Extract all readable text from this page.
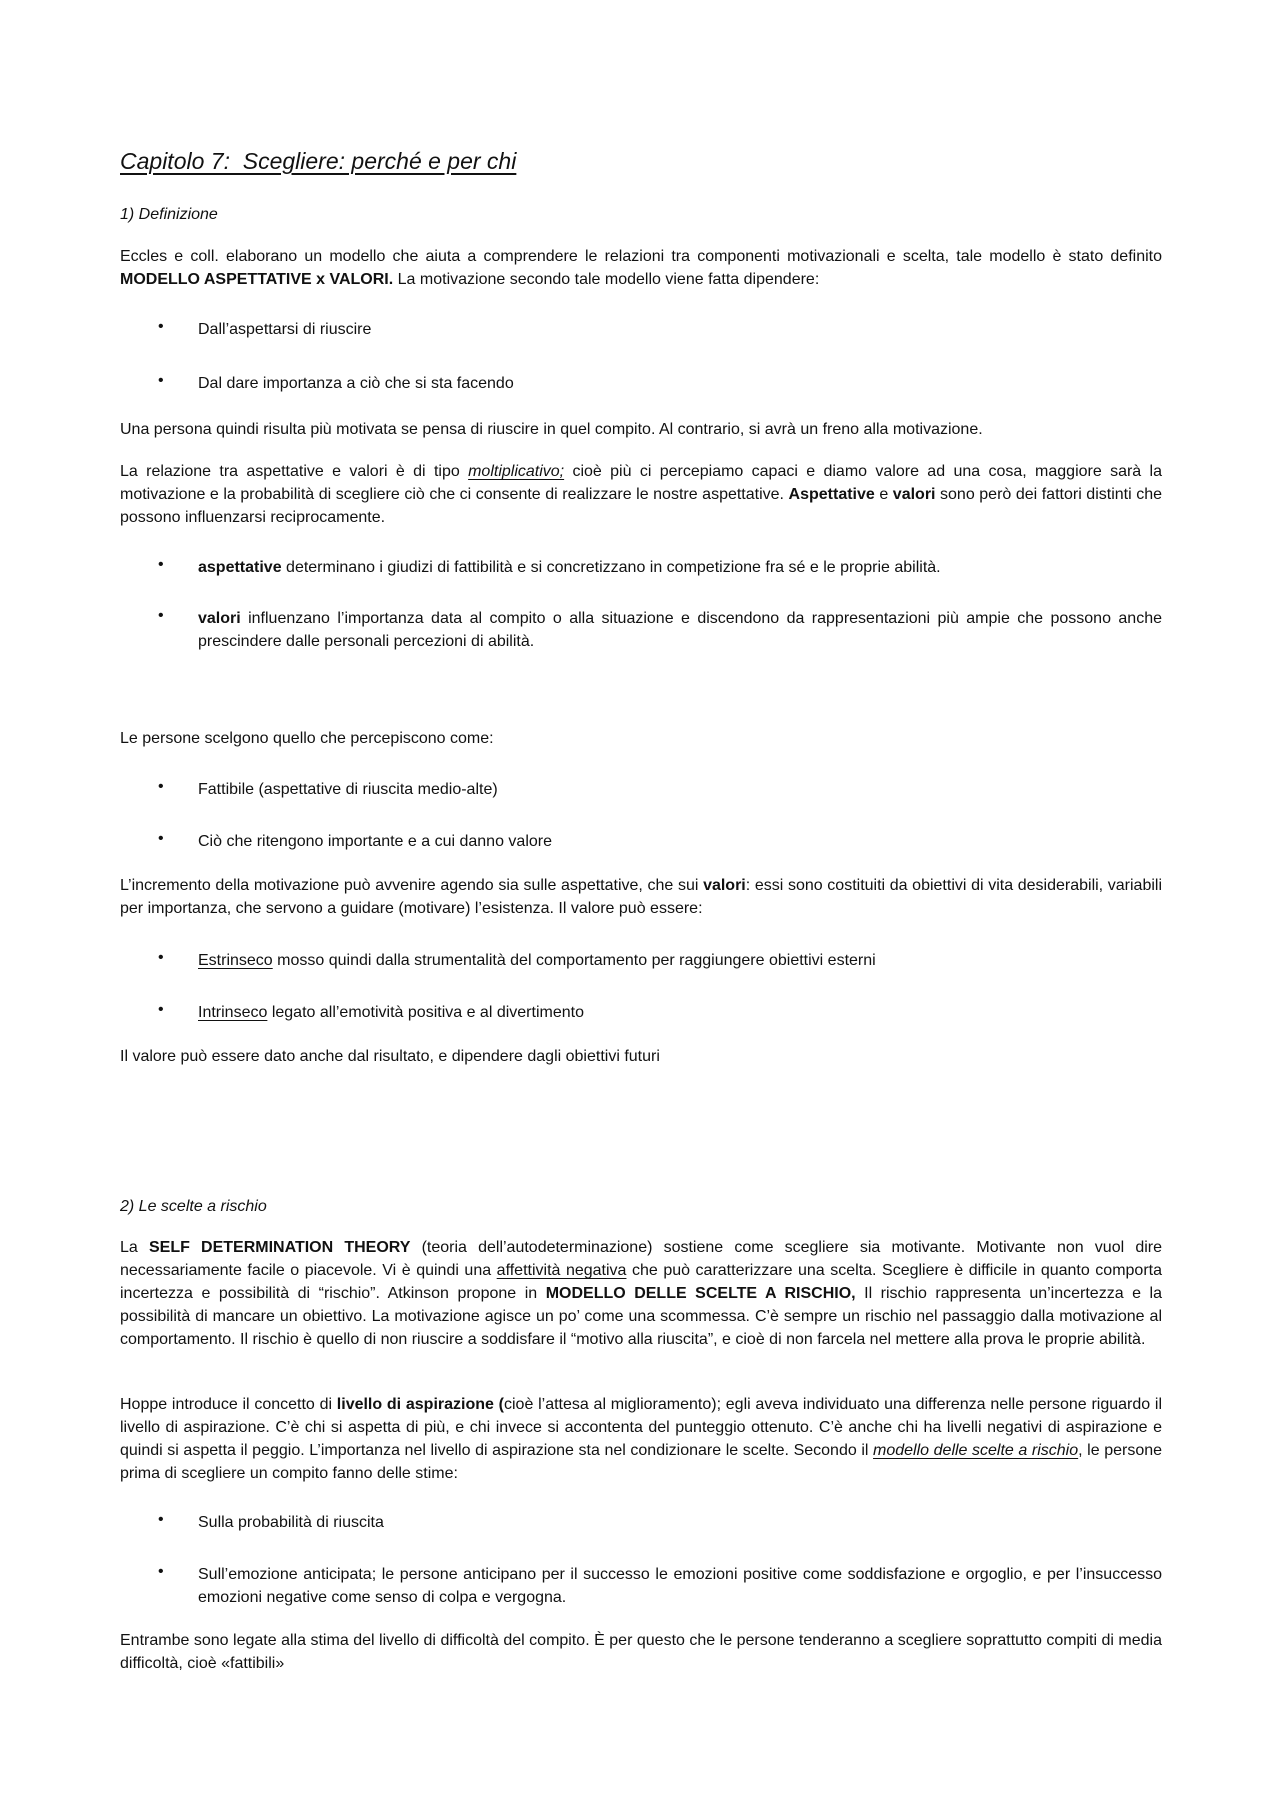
Capitolo 7:  Scegliere: perché e per chi
1) Definizione

Eccles e coll. elaborano un modello che aiuta a comprendere le relazioni tra componenti motivazionali e scelta, tale modello è stato definito MODELLO ASPETTATIVE x VALORI. La motivazione secondo tale modello viene fatta dipendere:

• Dall’aspettarsi di riuscire

• Dal dare importanza a ciò che si sta facendo

Una persona quindi risulta più motivata se pensa di riuscire in quel compito. Al contrario, si avrà un freno alla motivazione.

La relazione tra aspettative e valori è di tipo moltiplicativo; cioè più ci percepiamo capaci e diamo valore ad una cosa, maggiore sarà la motivazione e la probabilità di scegliere ciò che ci consente di realizzare le nostre aspettative. Aspettative e valori sono però dei fattori distinti che possono influenzarsi reciprocamente.

• aspettative determinano i giudizi di fattibilità e si concretizzano in competizione fra sé e le proprie abilità.

• valori influenzano l’importanza data al compito o alla situazione e discendono da rappresentazioni più ampie che possono anche prescindere dalle personali percezioni di abilità.

Le persone scelgono quello che percepiscono come:

• Fattibile (aspettative di riuscita medio-alte)

• Ciò che ritengono importante e a cui danno valore

L’incremento della motivazione può avvenire agendo sia sulle aspettative, che sui valori: essi sono costituiti da obiettivi di vita desiderabili, variabili per importanza, che servono a guidare (motivare) l’esistenza. Il valore può essere:

• Estrinseco mosso quindi dalla strumentalità del comportamento per raggiungere obiettivi esterni

• Intrinseco legato all’emotività positiva e al divertimento

Il valore può essere dato anche dal risultato, e dipendere dagli obiettivi futuri

2) Le scelte a rischio

La SELF DETERMINATION THEORY (teoria dell’autodeterminazione) sostiene come scegliere sia motivante. Motivante non vuol dire necessariamente facile o piacevole. Vi è quindi una affettività negativa che può caratterizzare una scelta. Scegliere è difficile in quanto comporta incertezza e possibilità di “rischio”. Atkinson propone in MODELLO DELLE SCELTE A RISCHIO, Il rischio rappresenta un’incertezza e la possibilità di mancare un obiettivo. La motivazione agisce un po’ come una scommessa. C’è sempre un rischio nel passaggio dalla motivazione al comportamento. Il rischio è quello di non riuscire a soddisfare il “motivo alla riuscita”, e cioè di non farcela nel mettere alla prova le proprie abilità.

Hoppe introduce il concetto di livello di aspirazione (cioè l’attesa al miglioramento); egli aveva individuato una differenza nelle persone riguardo il livello di aspirazione. C’è chi si aspetta di più, e chi invece si accontenta del punteggio ottenuto. C’è anche chi ha livelli negativi di aspirazione e quindi si aspetta il peggio. L’importanza nel livello di aspirazione sta nel condizionare le scelte. Secondo il modello delle scelte a rischio, le persone prima di scegliere un compito fanno delle stime:

• Sulla probabilità di riuscita

• Sull’emozione anticipata; le persone anticipano per il successo le emozioni positive come soddisfazione e orgoglio, e per l’insuccesso emozioni negative come senso di colpa e vergogna.

Entrambe sono legate alla stima del livello di difficoltà del compito. È per questo che le persone tenderanno a scegliere soprattutto compiti di media difficoltà, cioè «fattibili»
